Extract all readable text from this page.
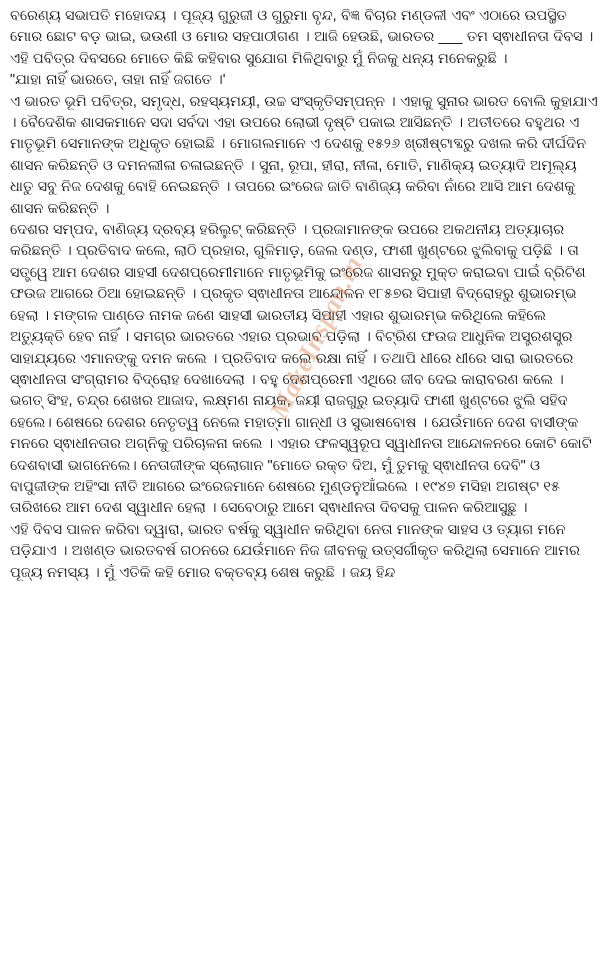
MakeInspan.in

ବରେଣ୍ୟ ସଭାପତି ମହୋଦୟ । ପୂଜ୍ୟ ଗୁରୁଜୀ ଓ ଗୁରୁମା ବୃନ୍ଦ, ବିଜ୍ଞ ବିଚାର ମଣ୍ଡଳୀ ଏବଂ ଏଠାରେ ଉପସ୍ଥିତ ମୋର ଛୋଟ ବଡ଼ ଭାଇ, ଭଉଣୀ ଓ ମୋର ସହପାଠୀଗଣ । ଆଜି ହେଉଛି, ଭାରତର ___ ତମ ସ୍ଵାଧୀନତା ଦିବସ । ଏହି ପବିତ୍ର ଦିବସରେ ମୋତେ କିଛି କହିବାର ସୁଯୋଗ ମିଳିଥିବାରୁ ମୁଁ ନିଜକୁ ଧନ୍ୟ ମନେକରୁଛି ।

"ଯାହା ନାହିଁ ଭାରତେ, ତାହା ନାହିଁ ଜଗତେ ।'

ଏ ଭାରତ ଭୂମି ପବିତ୍ର, ସମୃଦ୍ଧ, ରହସ୍ୟମୟୀ, ଉଚ୍ଚ ସଂସ୍କୃତିସମ୍ପନ୍ନ । ଏହାକୁ ସୁନାର ଭାରତ ବୋଲି କୁହାଯାଏ । ବୈଦେଶିକ ଶାସକମାନେ ସଦା ସର୍ବଦା ଏହା ଉପରେ ଲୋଭୀ ଦୃଷ୍ଟି ପକାଇ ଆସିଛନ୍ତି । ଅତୀତରେ ବହୁଥର ଏ ମାତୃଭୂମି ସେମାନଙ୍କ ଅଧିକୃତ ହୋଇଛି । ମୋଗଲମାନେ ଏ ଦେଶକୁ ୧୫୨୬ ଖ୍ରୀଷ୍ଟାବ୍ଦରୁ ଦଖଲ କରି ଦୀର୍ଘଦିନ ଶାସନ କରିଛନ୍ତି ଓ ଦମନଲୀଳା ଚଳାଇଛନ୍ତି । ସୁନା, ରୂପା, ହୀରା, ନୀଳା, ମୋତି, ମାଣିକ୍ୟ ଇତ୍ୟାଦି ଅମୂଲ୍ୟ ଧାତୁ ସବୁ ନିଜ ଦେଶକୁ ବୋହି ନେଇଛନ୍ତି । ତାପରେ ଇଂରେଜ ଜାତି ବାଣିଜ୍ୟ କରିବା ନାଁରେ ଆସି ଆମ ଦେଶକୁ ଶାସନ କରିଛନ୍ତି ।

ଦେଶର ସମ୍ପଦ, ବାଣିଜ୍ୟ ଦ୍ରବ୍ୟ ହରିଲୁଟ୍ କରିଛନ୍ତି । ପ୍ରଜାମାନଙ୍କ ଉପରେ ଅକଥନୀୟ ଅତ୍ୟାଚାର କରିଛନ୍ତି । ପ୍ରତିବାଦ କଲେ, ଲାଠି ପ୍ରହାର, ଗୁଳିମାଡ଼, ଜେଲ ଦଣ୍ଡ, ଫାଶୀ ଖୁଣ୍ଟରେ ଝୁଲିବାକୁ ପଡ଼ିଛି । ତା ସତ୍ତ୍ୱେ ଆମ ଦେଶର ସାହସୀ ଦେଶପ୍ରେମୀମାନେ ମାତୃଭୂମିକୁ ଇଂରେଜ ଶାସନରୁ ମୁକ୍ତ କରାଇବା ପାଇଁ ବ୍ରିଟିଶ ଫଉଜ ଆଗରେ ଠିଆ ହୋଇଛନ୍ତି । ପ୍ରକୃତ ସ୍ଵାଧୀନତା ଆନ୍ଦୋଳନ ୧୮୫୭ର ସିପାହୀ ବିଦ୍ରୋହରୁ ଶୁଭାରମ୍ଭ ହେଲା । ମଙ୍ଗଳ ପାଣ୍ଡେ ନାମକ ଜଣେ ସାହସୀ ଭାରତୀୟ ସିପାହୀ ଏହାର ଶୁଭାରମ୍ଭ କରିଥିଲେ କହିଲେ ଅତ୍ୟୁକ୍ତି ହେବ ନାହିଁ । ସମଗ୍ର ଭାରତରେ ଏହାର ପ୍ରଭାବ ପଡ଼ିଲା । ବିଟ୍ରିଶ ଫଉଜ ଆଧୁନିକ ଅସ୍ତ୍ରଶସ୍ତ୍ର ସାହାଯ୍ୟରେ ଏମାନଙ୍କୁ ଦମନ କଲେ । ପ୍ରତିବାଦ କଲେ ରକ୍ଷା ନାହିଁ । ତଥାପି ଧୀରେ ଧୀରେ ସାରା ଭାରତରେ ସ୍ଵାଧୀନତା ସଂଗ୍ରାମର ବିଦ୍ରୋହ ଦେଖାଦେଲା । ବହୁ ଦେଶପ୍ରେମୀ ଏଥିରେ ଜୀବ ଦେଇ କାରାବରଣ କଲେ ।

ଭଗତ୍ ସିଂହ, ଚନ୍ଦ୍ର ଶେଖର ଆଜାଦ, ଲକ୍ଷ୍ମଣ ନାୟକ, ଜୟୀ ରାଜଗୁରୁ ଇତ୍ୟାଦି ଫାଶୀ ଖୁଣ୍ଟରେ ଝୁଲି ସହିଦ ହେଲେ। ଶେଷରେ ଦେଶର ନେତୃତ୍ୱ ନେଲେ ମହାତ୍ମା ଗାନ୍ଧୀ ଓ ସୁଭାଷବୋଷ । ଯେଉଁମାନେ ଦେଶ ବାସୀଙ୍କ ମନରେ ସ୍ଵାଧୀନତାର ଅଗ୍ନିକୁ ପରିଚାଳନା କଲେ । ଏହାର ଫଳସ୍ୱରୂପ ସ୍ୱାଧୀନତା ଆନ୍ଦୋଳନରେ କୋଟି କୋଟି ଦେଶବାସୀ ଭାଗନେଲେ। ନେତାଜୀଙ୍କ ସ୍ଲୋଗାନ "ମୋତେ ରକ୍ତ ଦିଅ, ମୁଁ ତୁମକୁ ସ୍ଵାଧୀନତା ଦେବି" ଓ ବାପୁଜୀଙ୍କ ଅହିଂସା ନୀତି ଆଗରେ ଇଂରେଜମାନେ ଶେଷରେ ମୁଣ୍ଡନୁଆଁଇଲେ । ୧୯୪୭ ମସିହା ଅଗଷ୍ଟ ୧୫ ତାରିଖରେ ଆମ ଦେଶ ସ୍ୱାଧୀନ ହେଲା । ସେବେଠାରୁ ଆମେ ସ୍ଵାଧୀନତା ଦିବସକୁ ପାଳନ କରିଆସୁଛୁ ।

ଏହି ଦିବସ ପାଳନ କରିବା ଦ୍ୱାରା, ଭାରତ ବର୍ଷକୁ ସ୍ୱାଧୀନ କରିଥିବା ନେତା ମାନଙ୍କ ସାହସ ଓ ତ୍ୟାଗ ମନେ ପଡ଼ିଯାଏ । ଅଖଣ୍ଡ ଭାରତବର୍ଷ ଗଠନରେ ଯେଉଁମାନେ ନିଜ ଜୀବନକୁ ଉତ୍ସର୍ଗୀକୃତ କରିଥିଲା ସେମାନେ ଆମର ପୂଜ୍ୟ ନମସ୍ୟ । ମୁଁ ଏତିକି କହି ମୋର ବକ୍ତବ୍ୟ ଶେଷ କରୁଛି । ଜୟ ହିନ୍ଦ
